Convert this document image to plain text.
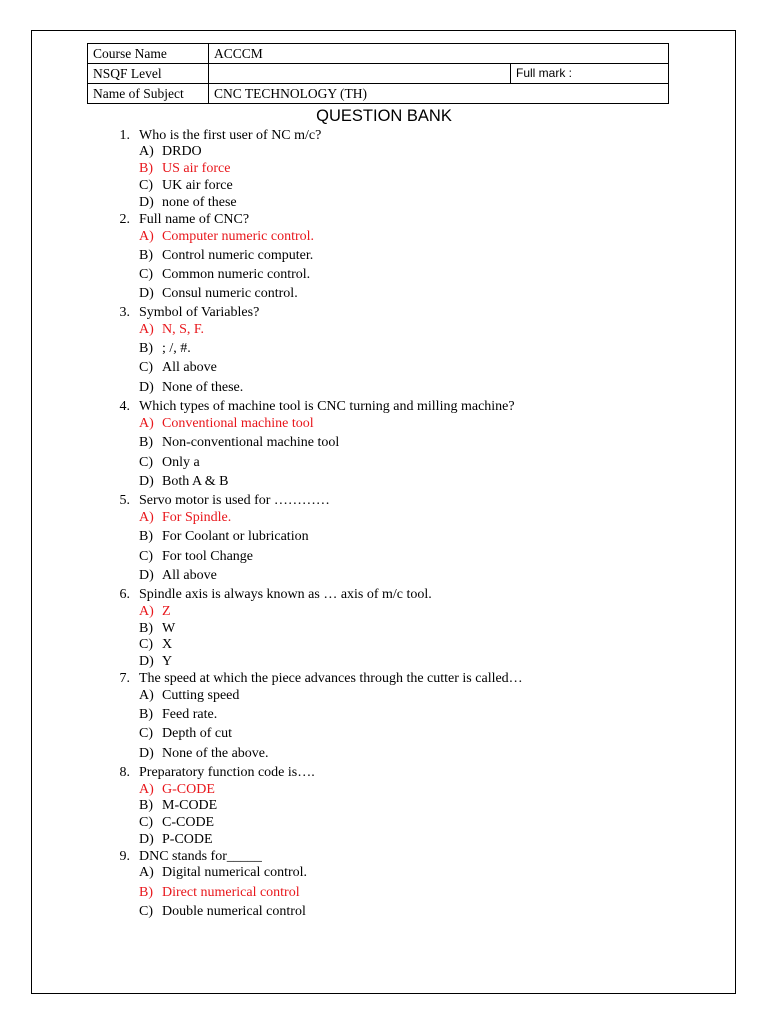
Course Name	ACCCM	
NSQF Level		Full mark :
Name of Subject	CNC TECHNOLOGY (TH)	
QUESTION BANK
1. Who is the first user of NC m/c?
A) DRDO
B) US air force
C) UK air force
D) none of these
2. Full name of CNC?
A) Computer numeric control.
B) Control numeric computer.
C) Common numeric control.
D) Consul numeric control.
3. Symbol of Variables?
A) N, S, F.
B) ; /, #.
C) All above
D) None of these.
4. Which types of machine tool is CNC turning and milling machine?
A) Conventional machine tool
B) Non-conventional machine tool
C) Only a
D) Both A & B
5. Servo motor is used for …………
A) For Spindle.
B) For Coolant or lubrication
C) For tool Change
D) All above
6. Spindle axis is always known as … axis of m/c tool.
A) Z
B) W
C) X
D) Y
7. The speed at which the piece advances through the cutter is called…
A) Cutting speed
B) Feed rate.
C) Depth of cut
D) None of the above.
8. Preparatory function code is….
A) G-CODE
B) M-CODE
C) C-CODE
D) P-CODE
9. DNC stands for_____
A) Digital numerical control.
B) Direct numerical control
C) Double numerical control
